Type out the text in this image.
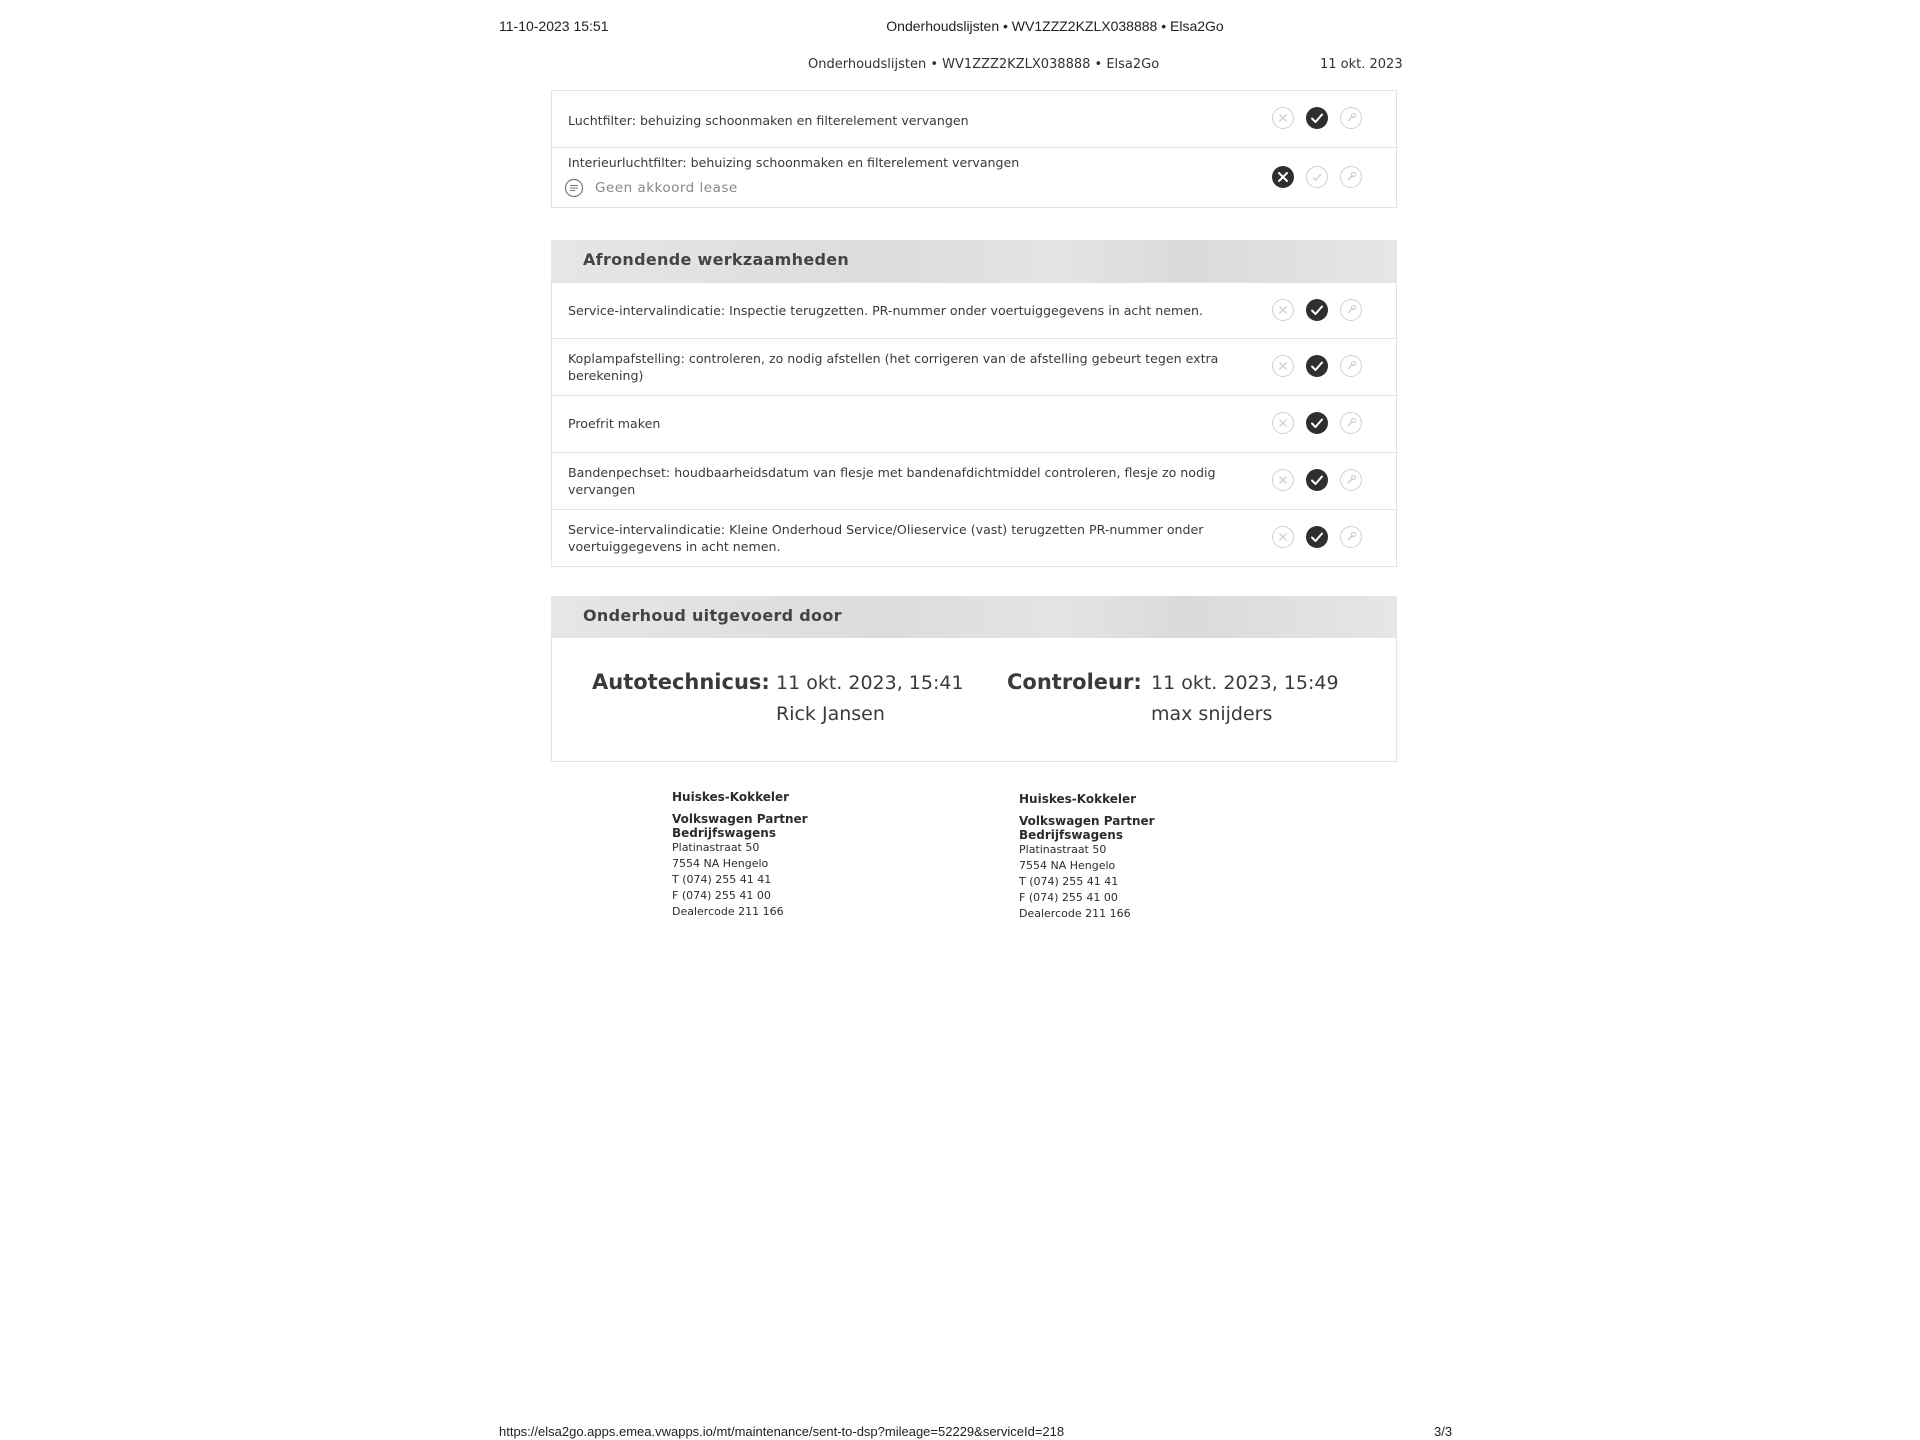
11-10-2023 15:51	Onderhoudslijsten • WV1ZZZ2KZLX038888 • Elsa2Go
Onderhoudslijsten • WV1ZZZ2KZLX038888 • Elsa2Go	11 okt. 2023
Luchtfilter: behuizing schoonmaken en filterelement vervangen
Interieurluchtfilter: behuizing schoonmaken en filterelement vervangen
Geen akkoord lease
Afrondende werkzaamheden
Service-intervalindicatie: Inspectie terugzetten. PR-nummer onder voertuiggegevens in acht nemen.
Koplampafstelling: controleren, zo nodig afstellen (het corrigeren van de afstelling gebeurt tegen extra berekening)
Proefrit maken
Bandenpechset: houdbaarheidsdatum van flesje met bandenafdichtmiddel controleren, flesje zo nodig vervangen
Service-intervalindicatie: Kleine Onderhoud Service/Olieservice (vast) terugzetten PR-nummer onder voertuiggegevens in acht nemen.
Onderhoud uitgevoerd door
Autotechnicus: 11 okt. 2023, 15:41
Rick Jansen
Controleur: 11 okt. 2023, 15:49
max snijders
Huiskes-Kokkeler
Volkswagen Partner
Bedrijfswagens
Platinastraat 50
7554 NA Hengelo
T (074) 255 41 41
F (074) 255 41 00
Dealercode 211 166
Huiskes-Kokkeler
Volkswagen Partner
Bedrijfswagens
Platinastraat 50
7554 NA Hengelo
T (074) 255 41 41
F (074) 255 41 00
Dealercode 211 166
https://elsa2go.apps.emea.vwapps.io/mt/maintenance/sent-to-dsp?mileage=52229&serviceId=218	3/3
